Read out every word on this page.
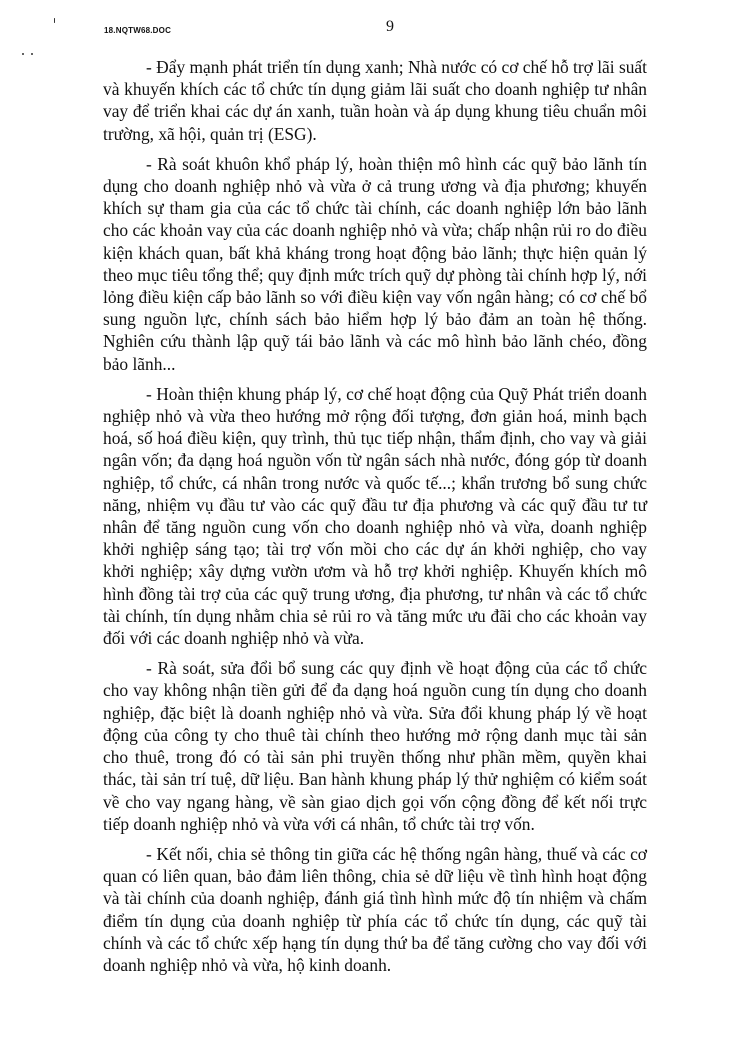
18.NQTW68.DOC	9

- Đẩy mạnh phát triển tín dụng xanh; Nhà nước có cơ chế hỗ trợ lãi suất và khuyến khích các tổ chức tín dụng giảm lãi suất cho doanh nghiệp tư nhân vay để triển khai các dự án xanh, tuần hoàn và áp dụng khung tiêu chuẩn môi trường, xã hội, quản trị (ESG).

- Rà soát khuôn khổ pháp lý, hoàn thiện mô hình các quỹ bảo lãnh tín dụng cho doanh nghiệp nhỏ và vừa ở cả trung ương và địa phương; khuyến khích sự tham gia của các tổ chức tài chính, các doanh nghiệp lớn bảo lãnh cho các khoản vay của các doanh nghiệp nhỏ và vừa; chấp nhận rủi ro do điều kiện khách quan, bất khả kháng trong hoạt động bảo lãnh; thực hiện quản lý theo mục tiêu tổng thể; quy định mức trích quỹ dự phòng tài chính hợp lý, nới lỏng điều kiện cấp bảo lãnh so với điều kiện vay vốn ngân hàng; có cơ chế bổ sung nguồn lực, chính sách bảo hiểm hợp lý bảo đảm an toàn hệ thống. Nghiên cứu thành lập quỹ tái bảo lãnh và các mô hình bảo lãnh chéo, đồng bảo lãnh...

- Hoàn thiện khung pháp lý, cơ chế hoạt động của Quỹ Phát triển doanh nghiệp nhỏ và vừa theo hướng mở rộng đối tượng, đơn giản hoá, minh bạch hoá, số hoá điều kiện, quy trình, thủ tục tiếp nhận, thẩm định, cho vay và giải ngân vốn; đa dạng hoá nguồn vốn từ ngân sách nhà nước, đóng góp từ doanh nghiệp, tổ chức, cá nhân trong nước và quốc tế...; khẩn trương bổ sung chức năng, nhiệm vụ đầu tư vào các quỹ đầu tư địa phương và các quỹ đầu tư tư nhân để tăng nguồn cung vốn cho doanh nghiệp nhỏ và vừa, doanh nghiệp khởi nghiệp sáng tạo; tài trợ vốn mồi cho các dự án khởi nghiệp, cho vay khởi nghiệp; xây dựng vườn ươm và hỗ trợ khởi nghiệp. Khuyến khích mô hình đồng tài trợ của các quỹ trung ương, địa phương, tư nhân và các tổ chức tài chính, tín dụng nhằm chia sẻ rủi ro và tăng mức ưu đãi cho các khoản vay đối với các doanh nghiệp nhỏ và vừa.

- Rà soát, sửa đổi bổ sung các quy định về hoạt động của các tổ chức cho vay không nhận tiền gửi để đa dạng hoá nguồn cung tín dụng cho doanh nghiệp, đặc biệt là doanh nghiệp nhỏ và vừa. Sửa đổi khung pháp lý về hoạt động của công ty cho thuê tài chính theo hướng mở rộng danh mục tài sản cho thuê, trong đó có tài sản phi truyền thống như phần mềm, quyền khai thác, tài sản trí tuệ, dữ liệu. Ban hành khung pháp lý thử nghiệm có kiểm soát về cho vay ngang hàng, về sàn giao dịch gọi vốn cộng đồng để kết nối trực tiếp doanh nghiệp nhỏ và vừa với cá nhân, tổ chức tài trợ vốn.

- Kết nối, chia sẻ thông tin giữa các hệ thống ngân hàng, thuế và các cơ quan có liên quan, bảo đảm liên thông, chia sẻ dữ liệu về tình hình hoạt động và tài chính của doanh nghiệp, đánh giá tình hình mức độ tín nhiệm và chấm điểm tín dụng của doanh nghiệp từ phía các tổ chức tín dụng, các quỹ tài chính và các tổ chức xếp hạng tín dụng thứ ba để tăng cường cho vay đối với doanh nghiệp nhỏ và vừa, hộ kinh doanh.
